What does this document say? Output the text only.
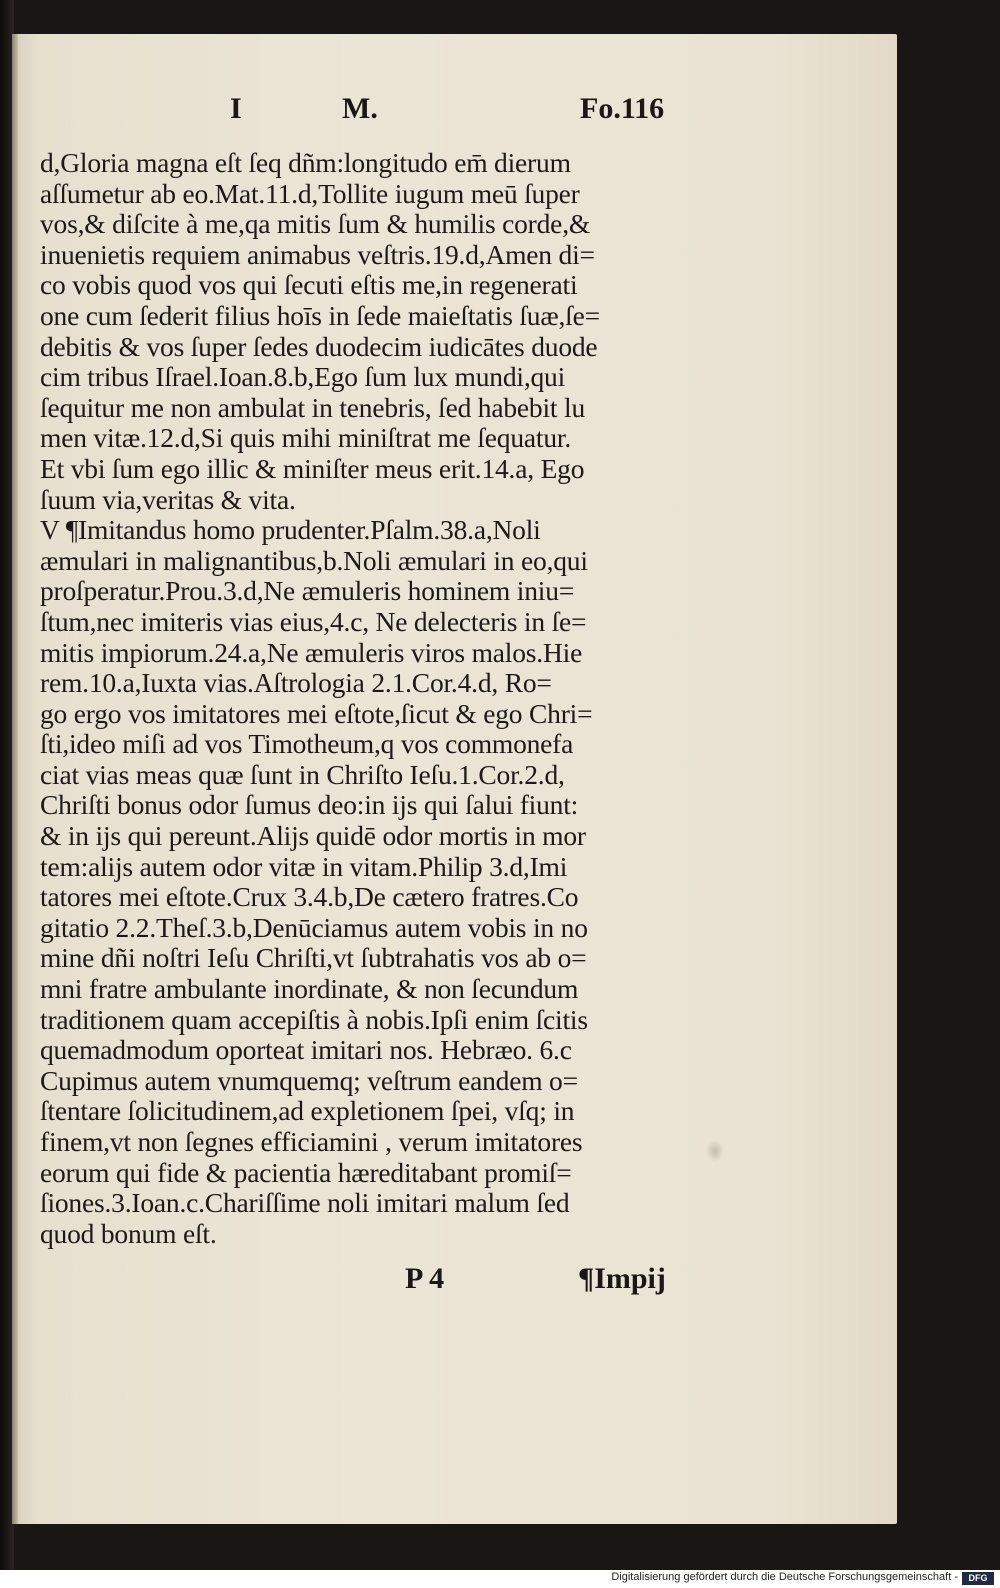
I	M.	Fo.116
d,Gloria magna eſt ſeq dñm:longitudo em̄ dierum
aſſumetur ab eo.Mat.11.d,Tollite iugum meū ſuper
vos,& diſcite à me,qa mitis ſum & humilis corde,&
inuenietis requiem animabus veſtris.19.d,Amen di=
co vobis quod vos qui ſecuti eſtis me,in regenerati
one cum ſederit filius hoīs in ſede maieſtatis ſuæ,ſe=
debitis & vos ſuper ſedes duodecim iudicātes duode
cim tribus Iſrael.Ioan.8.b,Ego ſum lux mundi,qui
ſequitur me non ambulat in tenebris, ſed habebit lu
men vitæ.12.d,Si quis mihi miniſtrat me ſequatur.
Et vbi ſum ego illic & miniſter meus erit.14.a, Ego
ſuum via,veritas & vita.
V ¶Imitandus homo prudenter.Pſalm.38.a,Noli
æmulari in malignantibus,b.Noli æmulari in eo,qui
proſperatur.Prou.3.d,Ne æmuleris hominem iniu=
ſtum,nec imiteris vias eius,4.c, Ne delecteris in ſe=
mitis impiorum.24.a,Ne æmuleris viros malos.Hie
rem.10.a,Iuxta vias.Aſtrologia 2.1.Cor.4.d, Ro=
go ergo vos imitatores mei eſtote,ſicut & ego Chri=
ſti,ideo miſi ad vos Timotheum,q vos commonefa
ciat vias meas quæ ſunt in Chriſto Ieſu.1.Cor.2.d,
Chriſti bonus odor ſumus deo:in ijs qui ſalui fiunt:
& in ijs qui pereunt.Alijs quidē odor mortis in mor
tem:alijs autem odor vitæ in vitam.Philip 3.d,Imi
tatores mei eſtote.Crux 3.4.b,De cætero fratres.Co
gitatio 2.2.Theſ.3.b,Denūciamus autem vobis in no
mine dñi noſtri Ieſu Chriſti,vt ſubtrahatis vos ab o=
mni fratre ambulante inordinate, & non ſecundum
traditionem quam accepiſtis à nobis.Ipſi enim ſcitis
quemadmodum oporteat imitari nos. Hebræo. 6.c
Cupimus autem vnumquemq; veſtrum eandem o=
ſtentare ſolicitudinem,ad expletionem ſpei, vſq; in
finem,vt non ſegnes efficiamini , verum imitatores
eorum qui fide & pacientia hæreditabant promiſ=
ſiones.3.Ioan.c.Chariſſime noli imitari malum ſed
quod bonum eſt.
P 4	¶Impij
Digitalisierung gefördert durch die Deutsche Forschungsgemeinschaft -	DFG
